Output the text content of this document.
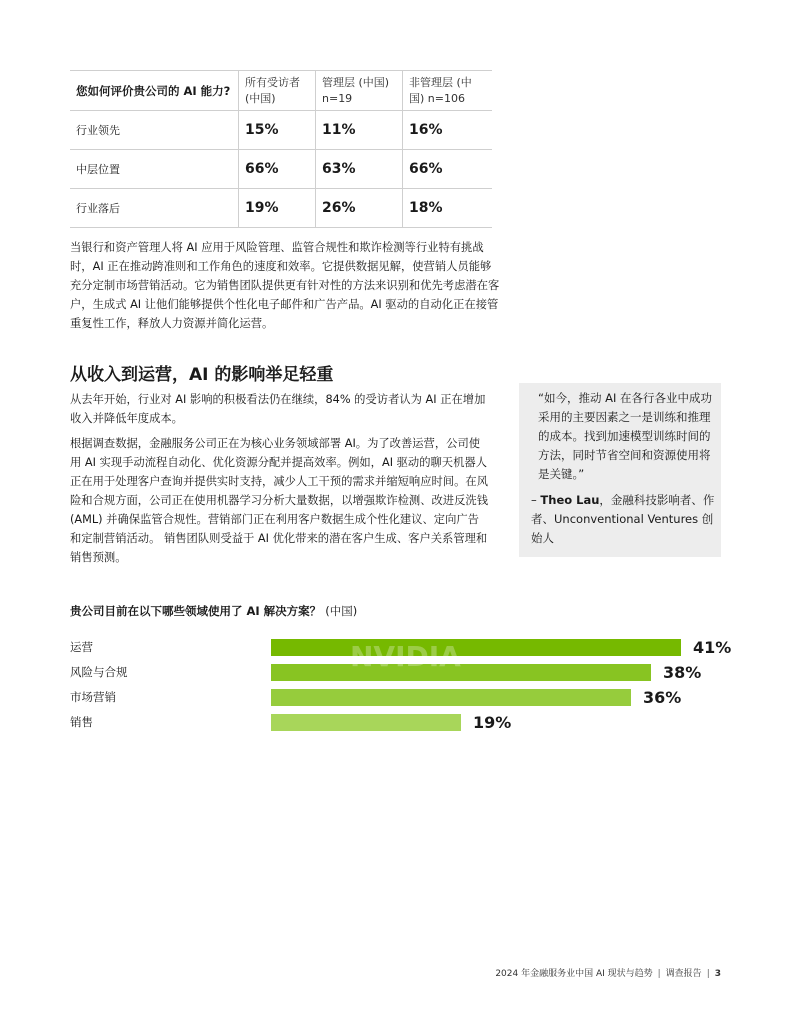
您如何评价贵公司的 AI 能力?	所有受访者 (中国)	管理层 (中国) n=19	非管理层 (中国) n=106
行业领先	15%	11%	16%
中层位置	66%	63%	66%
行业落后	19%	26%	18%

当银行和资产管理人将 AI 应用于风险管理、监管合规性和欺诈检测等行业特有挑战时，AI 正在推动跨准则和工作角色的速度和效率。它提供数据见解，使营销人员能够充分定制市场营销活动。它为销售团队提供更有针对性的方法来识别和优先考虑潜在客户，生成式 AI 让他们能够提供个性化电子邮件和广告产品。AI 驱动的自动化正在接管重复性工作，释放人力资源并简化运营。

从收入到运营，AI 的影响举足轻重

从去年开始，行业对 AI 影响的积极看法仍在继续，84% 的受访者认为 AI 正在增加收入并降低年度成本。

根据调查数据，金融服务公司正在为核心业务领域部署 AI。为了改善运营，公司使用 AI 实现手动流程自动化、优化资源分配并提高效率。例如，AI 驱动的聊天机器人正在用于处理客户查询并提供实时支持，减少人工干预的需求并缩短响应时间。在风险和合规方面，公司正在使用机器学习分析大量数据，以增强欺诈检测、改进反洗钱 (AML) 并确保监管合规性。营销部门正在利用客户数据生成个性化建议、定向广告和定制营销活动。 销售团队则受益于 AI 优化带来的潜在客户生成、客户关系管理和销售预测。

“如今，推动 AI 在各行各业中成功采用的主要因素之一是训练和推理的成本。找到加速模型训练时间的方法，同时节省空间和资源使用将是关键。”

– Theo Lau，金融科技影响者、作者、Unconventional Ventures 创始人

贵公司目前在以下哪些领域使用了 AI 解决方案？ (中国)

运营	41%
风险与合规	38%
市场营销	36%
销售	19%
NVIDIA
2024 年金融服务业中国 AI 现状与趋势 | 调查报告 | 3
